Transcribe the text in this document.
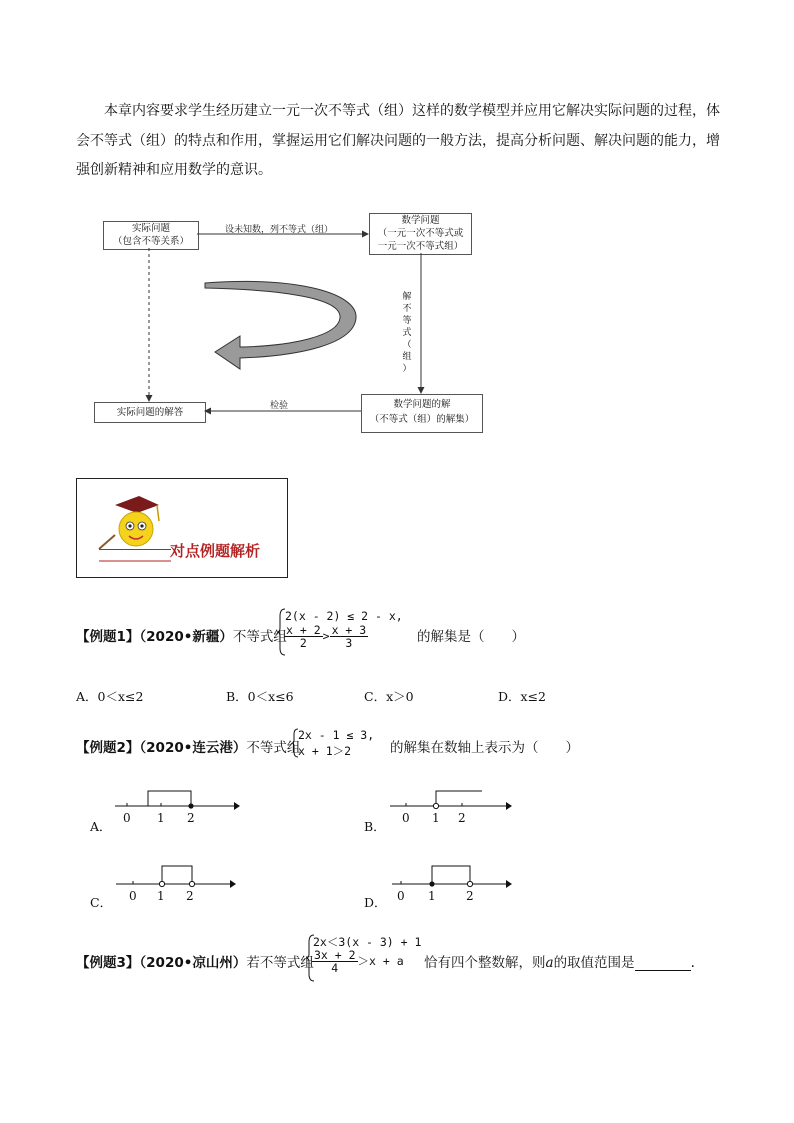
本章内容要求学生经历建立一元一次不等式（组）这样的数学模型并应用它解决实际问题的过程，体会不等式（组）的特点和作用，掌握运用它们解决问题的一般方法，提高分析问题、解决问题的能力，增强创新精神和应用数学的意识。
实际问题
（包含不等关系）
数学问题
（一元一次不等式或
一元一次不等式组）
数学问题的解
（不等式（组）的解集）
实际问题的解答
设未知数，列不等式（组）
检验
解
不
等
式
（
组
）
对点例题解析
【例题1】（2020•新疆）不等式组
2(x - 2) ≤ 2 - x,
$\frac{x + 2}{2} > \frac{x + 3}{3}$	的解集是（　　）
A．0＜x≤2	B．0＜x≤6	C．x＞0	D．x≤2
【例题2】（2020•连云港）不等式组
2x - 1 ≤ 3,
x + 1＞2	的解集在数轴上表示为（　　）
A．
0 1 2
B．
0 1 2
C． 0 1 2	D． 0 1	2
【例题3】（2020•凉山州）若不等式组
2x＜3(x - 3) + 1
$\frac{3x + 2}{4} >x + a$ 恰有四个整数解，则a的取值范围是	.
